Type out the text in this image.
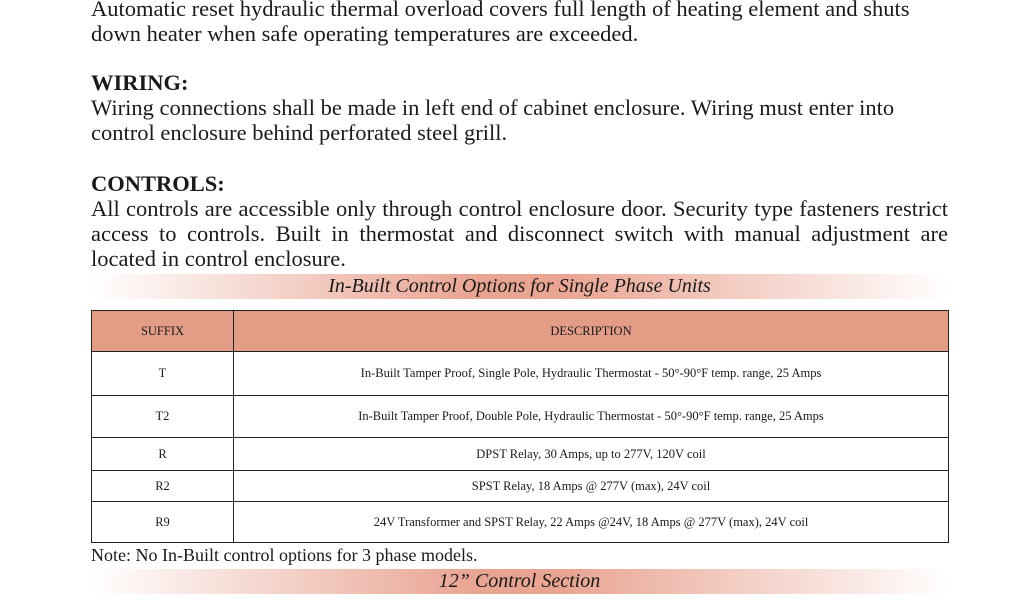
Automatic reset hydraulic thermal overload covers full length of heating element and shuts
down heater when safe operating temperatures are exceeded.
WIRING:

Wiring connections shall be made in left end of cabinet enclosure. Wiring must enter into control enclosure behind perforated steel grill.

CONTROLS:

All controls are accessible only through control enclosure door. Security type fasteners restrict access to controls. Built in thermostat and disconnect switch with manual adjustment are located in control enclosure.

In-Built Control Options for Single Phase Units
SUFFIX	DESCRIPTION
T	In-Built Tamper Proof, Single Pole, Hydraulic Thermostat - 50°-90°F temp. range, 25 Amps
T2	In-Built Tamper Proof, Double Pole, Hydraulic Thermostat - 50°-90°F temp. range, 25 Amps
R	DPST Relay, 30 Amps, up to 277V, 120V coil
R2	SPST Relay, 18 Amps @ 277V (max), 24V coil
R9	24V Transformer and SPST Relay, 22 Amps @24V, 18 Amps @ 277V (max), 24V coil
Note: No In-Built control options for 3 phase models.
12” Control Section
